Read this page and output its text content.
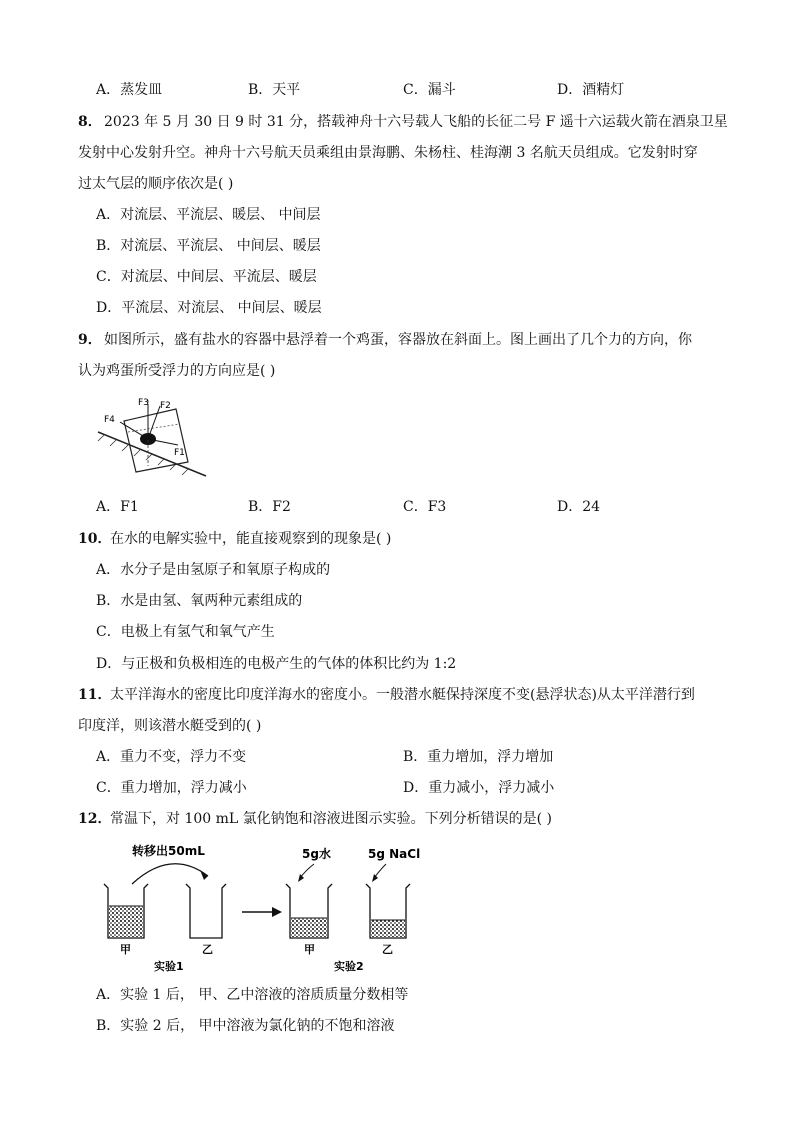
A．蒸发皿	B．天平	C．漏斗	D．酒精灯
8． 2023 年 5 月 30 日 9 时 31 分，搭载神舟十六号载人飞船的长征二号 F 遥十六运载火箭在酒泉卫星
发射中心发射升空。神舟十六号航天员乘组由景海鹏、朱杨柱、桂海潮 3 名航天员组成。它发射时穿
过太气层的顺序依次是( )
A．对流层、平流层、暖层、 中间层
B．对流层、平流层、 中间层、暖层
C．对流层、中间层、平流层、暖层
D．平流层、对流层、 中间层、暖层
9． 如图所示，盛有盐水的容器中悬浮着一个鸡蛋，容器放在斜面上。图上画出了几个力的方向，你
认为鸡蛋所受浮力的方向应是( )
F3 F2
F4
F1
A．F1	B．F2	C．F3	D．24
10．
在水的电解实验中，能直接观察到的现象是( )
A．水分子是由氢原子和氧原子构成的
B．水是由氢、氧两种元素组成的
C．电极上有氢气和氧气产生
D．与正极和负极相连的电极产生的气体的体积比约为 1:2
11．
太平洋海水的密度比印度洋海水的密度小。一般潜水艇保持深度不变(悬浮状态)从太平洋潜行到
印度洋，则该潜水艇受到的( )
A．重力不变，浮力不变	B．重力增加，浮力增加
C．重力增加，浮力减小	D．重力减小，浮力减小
12．
常温下，对 100 mL 氯化钠饱和溶液进图示实验。下列分析错误的是( )
转移出50mL
甲	乙
实验1
5g水	5g NaCl
甲	乙
实验2
A．实验 1 后， 甲、乙中溶液的溶质质量分数相等
B．实验 2 后， 甲中溶液为氯化钠的不饱和溶液
